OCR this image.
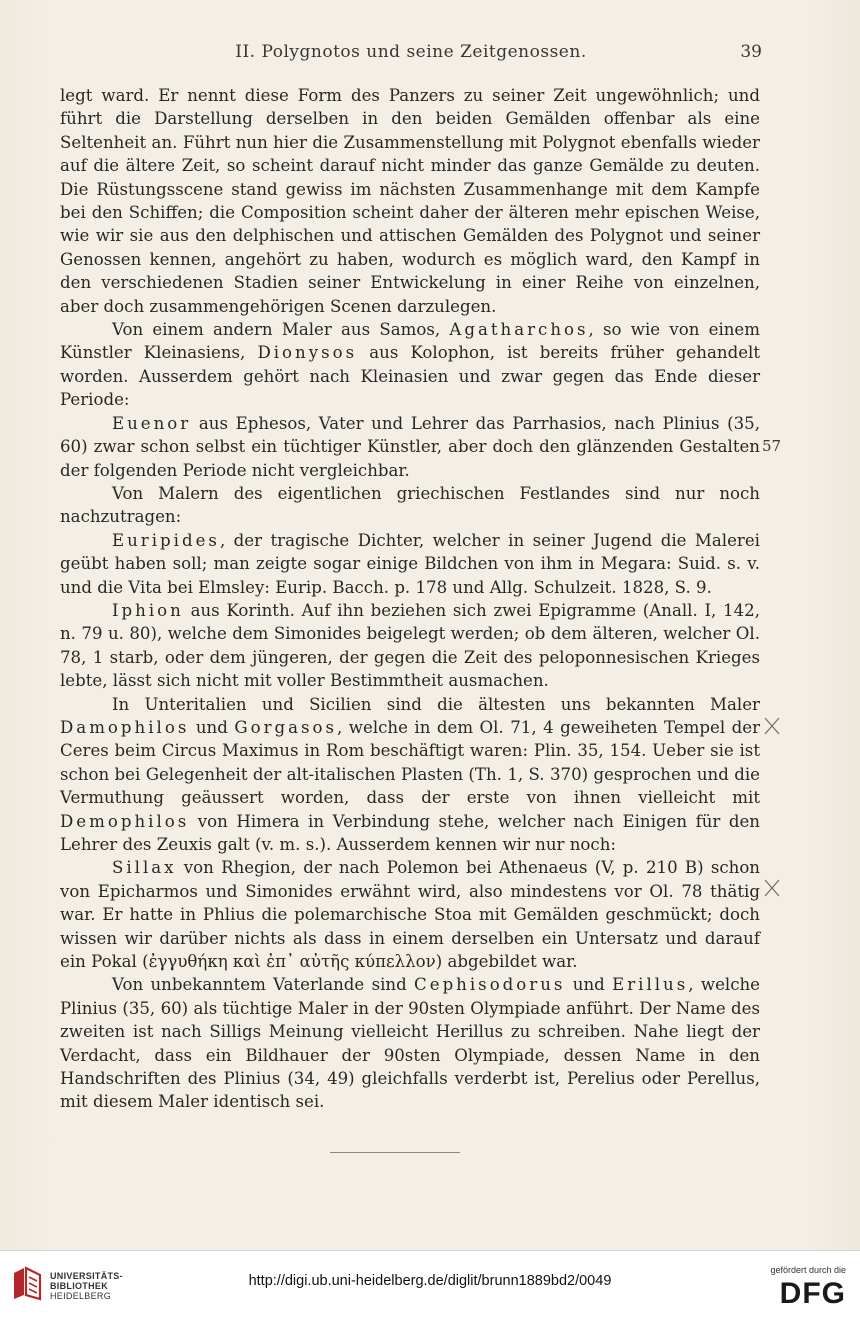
II. Polygnotos und seine Zeitgenossen.	39

legt ward. Er nennt diese Form des Panzers zu seiner Zeit ungewöhnlich; und führt die Darstellung derselben in den beiden Gemälden offenbar als eine Seltenheit an. Führt nun hier die Zusammenstellung mit Polygnot ebenfalls wieder auf die ältere Zeit, so scheint darauf nicht minder das ganze Gemälde zu deuten. Die Rüstungsscene stand gewiss im nächsten Zusammenhange mit dem Kampfe bei den Schiffen; die Composition scheint daher der älteren mehr epischen Weise, wie wir sie aus den delphischen und attischen Gemälden des Polygnot und seiner Genossen kennen, angehört zu haben, wodurch es möglich ward, den Kampf in den verschiedenen Stadien seiner Entwickelung in einer Reihe von einzelnen, aber doch zusammengehörigen Scenen darzulegen.

Von einem andern Maler aus Samos, Agatharchos, so wie von einem Künstler Kleinasiens, Dionysos aus Kolophon, ist bereits früher gehandelt worden. Ausserdem gehört nach Kleinasien und zwar gegen das Ende dieser Periode:

Euenor aus Ephesos, Vater und Lehrer das Parrhasios, nach Plinius (35, 60) zwar schon selbst ein tüchtiger Künstler, aber doch den glänzenden Gestalten der folgenden Periode nicht vergleichbar.

Von Malern des eigentlichen griechischen Festlandes sind nur noch nachzutragen:

Euripides, der tragische Dichter, welcher in seiner Jugend die Malerei geübt haben soll; man zeigte sogar einige Bildchen von ihm in Megara: Suid. s. v. und die Vita bei Elmsley: Eurip. Bacch. p. 178 und Allg. Schulzeit. 1828, S. 9.

Iphion aus Korinth. Auf ihn beziehen sich zwei Epigramme (Anall. I, 142, n. 79 u. 80), welche dem Simonides beigelegt werden; ob dem älteren, welcher Ol. 78, 1 starb, oder dem jüngeren, der gegen die Zeit des peloponnesischen Krieges lebte, lässt sich nicht mit voller Bestimmtheit ausmachen.

In Unteritalien und Sicilien sind die ältesten uns bekannten Maler Damophilos und Gorgasos, welche in dem Ol. 71, 4 geweiheten Tempel der Ceres beim Circus Maximus in Rom beschäftigt waren: Plin. 35, 154. Ueber sie ist schon bei Gelegenheit der alt-italischen Plasten (Th. 1, S. 370) gesprochen und die Vermuthung geäussert worden, dass der erste von ihnen vielleicht mit Demophilos von Himera in Verbindung stehe, welcher nach Einigen für den Lehrer des Zeuxis galt (v. m. s.). Ausserdem kennen wir nur noch:

Sillax von Rhegion, der nach Polemon bei Athenaeus (V, p. 210 B) schon von Epicharmos und Simonides erwähnt wird, also mindestens vor Ol. 78 thätig war. Er hatte in Phlius die polemarchische Stoa mit Gemälden geschmückt; doch wissen wir darüber nichts als dass in einem derselben ein Untersatz und darauf ein Pokal (ἐγγυθήκη καὶ ἐπ᾽ αὐτῆς κύπελλον) abgebildet war.

Von unbekanntem Vaterlande sind Cephisodorus und Erillus, welche Plinius (35, 60) als tüchtige Maler in der 90sten Olympiade anführt. Der Name des zweiten ist nach Silligs Meinung vielleicht Herillus zu schreiben. Nahe liegt der Verdacht, dass ein Bildhauer der 90sten Olympiade, dessen Name in den Handschriften des Plinius (34, 49) gleichfalls verderbt ist, Perelius oder Perellus, mit diesem Maler identisch sei.

57
UNIVERSITÄTS-
BIBLIOTHEK
HEIDELBERG
http://digi.ub.uni-heidelberg.de/diglit/brunn1889bd2/0049
gefördert durch die
DFG
